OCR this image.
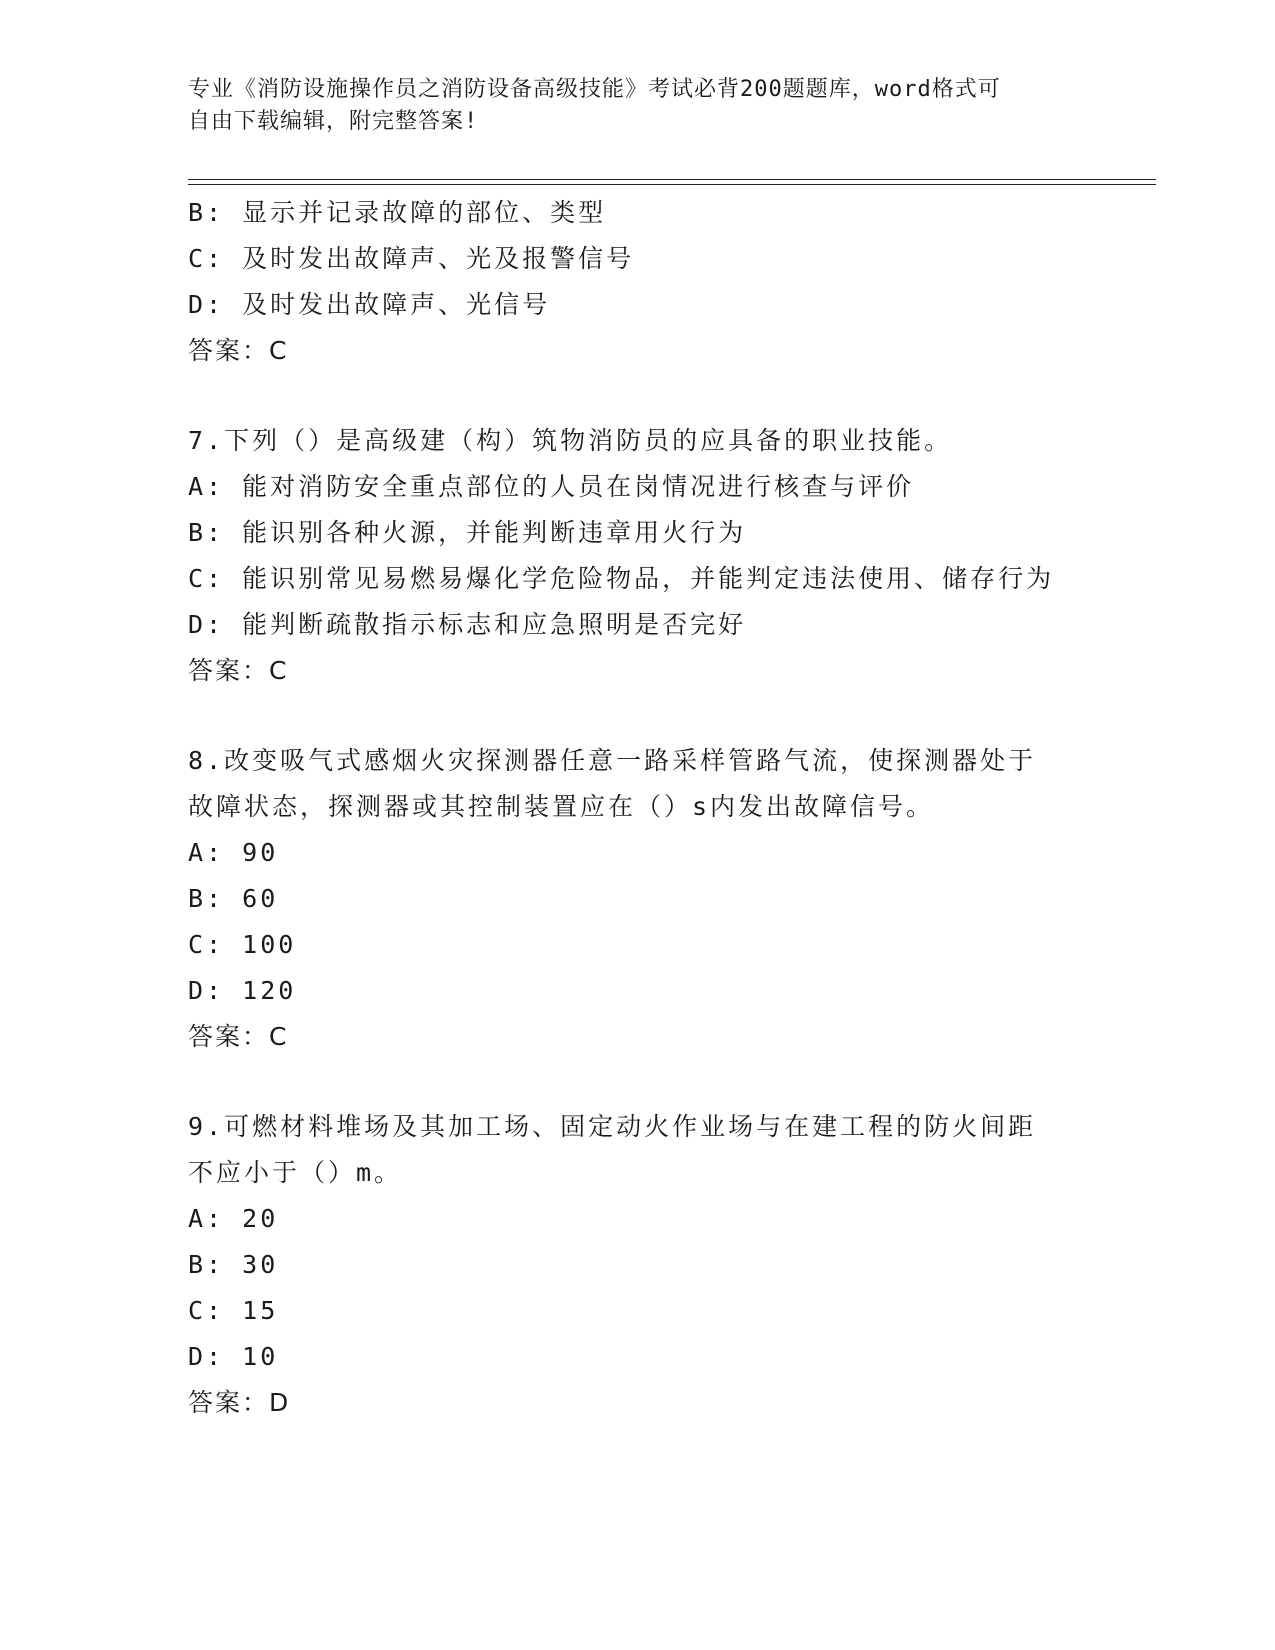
专业《消防设施操作员之消防设备高级技能》考试必背200题题库，word格式可
自由下载编辑，附完整答案!
B: 显示并记录故障的部位、类型
C: 及时发出故障声、光及报警信号
D: 及时发出故障声、光信号
答案：C
7.下列（）是高级建（构）筑物消防员的应具备的职业技能。
A: 能对消防安全重点部位的人员在岗情况进行核查与评价
B: 能识别各种火源，并能判断违章用火行为
C: 能识别常见易燃易爆化学危险物品，并能判定违法使用、储存行为
D: 能判断疏散指示标志和应急照明是否完好
答案：C
8.改变吸气式感烟火灾探测器任意一路采样管路气流，使探测器处于
故障状态，探测器或其控制装置应在（）s内发出故障信号。
A: 90
B: 60
C: 100
D: 120
答案：C
9.可燃材料堆场及其加工场、固定动火作业场与在建工程的防火间距
不应小于（）m。
A: 20
B: 30
C: 15
D: 10
答案：D
